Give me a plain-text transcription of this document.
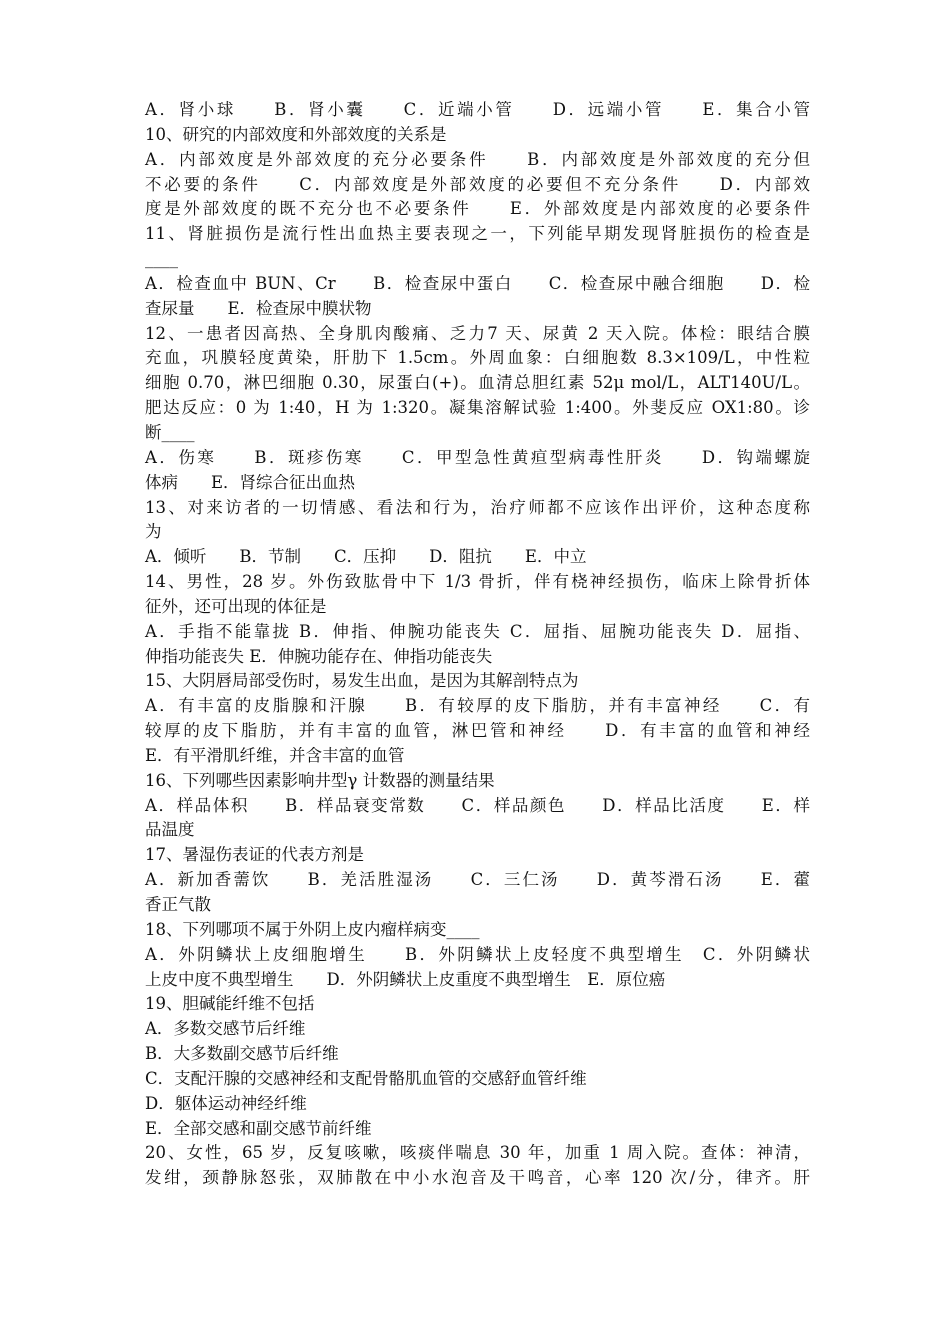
A．肾小球　　B．肾小囊　　C．近端小管　　D．远端小管　　E．集合小管
10、研究的内部效度和外部效度的关系是
A．内部效度是外部效度的充分必要条件　　B．内部效度是外部效度的充分但
不必要的条件　　C．内部效度是外部效度的必要但不充分条件　　D．内部效
度是外部效度的既不充分也不必要条件　　E．外部效度是内部效度的必要条件
11、肾脏损伤是流行性出血热主要表现之一，下列能早期发现肾脏损伤的检查是
____
A．检查血中 BUN、Cr　　B．检查尿中蛋白　　C．检查尿中融合细胞　　D．检
查尿量　　E．检查尿中膜状物
12、一患者因高热、全身肌肉酸痛、乏力7 天、尿黄 2 天入院。体检：眼结合膜
充血，巩膜轻度黄染，肝肋下 1.5cm。外周血象：白细胞数 8.3×109/L，中性粒
细胞 0.70，淋巴细胞 0.30，尿蛋白(+)。血清总胆红素 52μ mol/L，ALT140U/L。
肥达反应：0 为 1:40，H 为 1:320。凝集溶解试验 1:400。外斐反应 OX1:80。诊
断____
A．伤寒　　B．斑疹伤寒　　C．甲型急性黄疸型病毒性肝炎　　D．钩端螺旋
体病　　E．肾综合征出血热
13、对来访者的一切情感、看法和行为，治疗师都不应该作出评价，这种态度称
为
A．倾听　　B．节制　　C．压抑　　D．阻抗　　E．中立
14、男性，28 岁。外伤致肱骨中下 1/3 骨折，伴有桡神经损伤，临床上除骨折体
征外，还可出现的体征是
A．手指不能靠拢 B．伸指、伸腕功能丧失 C．屈指、屈腕功能丧失 D．屈指、
伸指功能丧失 E．伸腕功能存在、伸指功能丧失
15、大阴唇局部受伤时，易发生出血，是因为其解剖特点为
A．有丰富的皮脂腺和汗腺　　B．有较厚的皮下脂肪，并有丰富神经　　C．有
较厚的皮下脂肪，并有丰富的血管，淋巴管和神经　　D．有丰富的血管和神经
E．有平滑肌纤维，并含丰富的血管
16、下列哪些因素影响井型γ 计数器的测量结果
A．样品体积　　B．样品衰变常数　　C．样品颜色　　D．样品比活度　　E．样
品温度
17、暑湿伤表证的代表方剂是
A．新加香薷饮　　B．羌活胜湿汤　　C．三仁汤　　D．黄芩滑石汤　　E．藿
香正气散
18、下列哪项不属于外阴上皮内瘤样病变____
A．外阴鳞状上皮细胞增生　　B．外阴鳞状上皮轻度不典型增生　C．外阴鳞状
上皮中度不典型增生　　D．外阴鳞状上皮重度不典型增生　E．原位癌
19、胆碱能纤维不包括
A．多数交感节后纤维
B．大多数副交感节后纤维
C．支配汗腺的交感神经和支配骨骼肌血管的交感舒血管纤维
D．躯体运动神经纤维
E．全部交感和副交感节前纤维
20、女性，65 岁，反复咳嗽，咳痰伴喘息 30 年，加重 1 周入院。查体：神清，
发绀，颈静脉怒张，双肺散在中小水泡音及干鸣音，心率 120 次/分，律齐。肝
